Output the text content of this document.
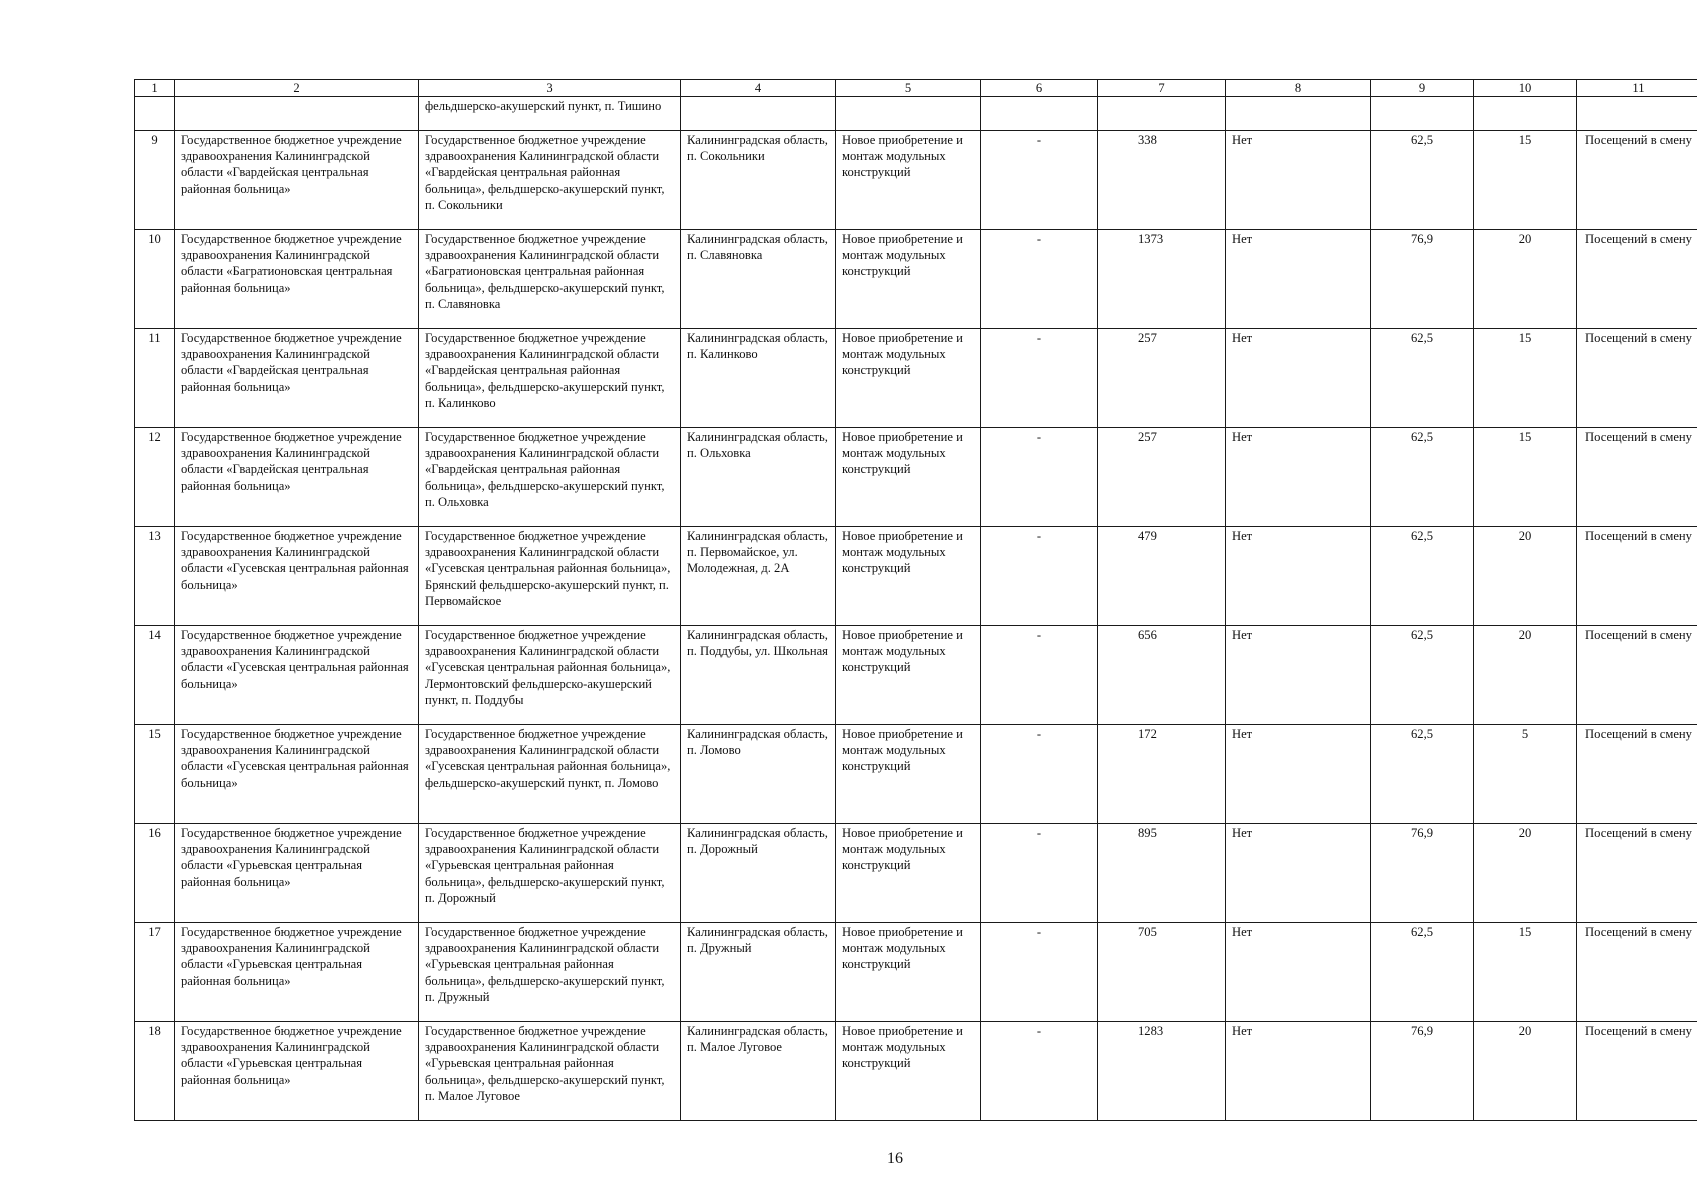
1	2	3	4	5	6	7	8	9	10	11
		фельдшерско-акушерский пункт, п. Тишино								
9	Государственное бюджетное учреждение здравоохранения Калининградской области «Гвардейская центральная районная больница»	Государственное бюджетное учреждение здравоохранения Калининградской области «Гвардейская центральная районная больница», фельдшерско-акушерский пункт, п. Сокольники	Калининградская область, п. Сокольники	Новое приобретение и монтаж модульных конструкций	-	338	Нет	62,5	15	Посещений в смену
10	Государственное бюджетное учреждение здравоохранения Калининградской области «Багратионовская центральная районная больница»	Государственное бюджетное учреждение здравоохранения Калининградской области «Багратионовская центральная районная больница», фельдшерско-акушерский пункт, п. Славяновка	Калининградская область, п. Славяновка	Новое приобретение и монтаж модульных конструкций	-	1373	Нет	76,9	20	Посещений в смену
11	Государственное бюджетное учреждение здравоохранения Калининградской области «Гвардейская центральная районная больница»	Государственное бюджетное учреждение здравоохранения Калининградской области «Гвардейская центральная районная больница», фельдшерско-акушерский пункт, п. Калинково	Калининградская область, п. Калинково	Новое приобретение и монтаж модульных конструкций	-	257	Нет	62,5	15	Посещений в смену
12	Государственное бюджетное учреждение здравоохранения Калининградской области «Гвардейская центральная районная больница»	Государственное бюджетное учреждение здравоохранения Калининградской области «Гвардейская центральная районная больница», фельдшерско-акушерский пункт, п. Ольховка	Калининградская область, п. Ольховка	Новое приобретение и монтаж модульных конструкций	-	257	Нет	62,5	15	Посещений в смену
13	Государственное бюджетное учреждение здравоохранения Калининградской области «Гусевская центральная районная больница»	Государственное бюджетное учреждение здравоохранения Калининградской области «Гусевская центральная районная больница», Брянский фельдшерско-акушерский пункт, п. Первомайское	Калининградская область, п. Первомайское, ул. Молодежная, д. 2А	Новое приобретение и монтаж модульных конструкций	-	479	Нет	62,5	20	Посещений в смену
14	Государственное бюджетное учреждение здравоохранения Калининградской области «Гусевская центральная районная больница»	Государственное бюджетное учреждение здравоохранения Калининградской области «Гусевская центральная районная больница», Лермонтовский фельдшерско-акушерский пункт, п. Поддубы	Калининградская область, п. Поддубы, ул. Школьная	Новое приобретение и монтаж модульных конструкций	-	656	Нет	62,5	20	Посещений в смену
15	Государственное бюджетное учреждение здравоохранения Калининградской области «Гусевская центральная районная больница»	Государственное бюджетное учреждение здравоохранения Калининградской области «Гусевская центральная районная больница», фельдшерско-акушерский пункт, п. Ломово	Калининградская область, п. Ломово	Новое приобретение и монтаж модульных конструкций	-	172	Нет	62,5	5	Посещений в смену
16	Государственное бюджетное учреждение здравоохранения Калининградской области «Гурьевская центральная районная больница»	Государственное бюджетное учреждение здравоохранения Калининградской области «Гурьевская центральная районная больница», фельдшерско-акушерский пункт, п. Дорожный	Калининградская область, п. Дорожный	Новое приобретение и монтаж модульных конструкций	-	895	Нет	76,9	20	Посещений в смену
17	Государственное бюджетное учреждение здравоохранения Калининградской области «Гурьевская центральная районная больница»	Государственное бюджетное учреждение здравоохранения Калининградской области «Гурьевская центральная районная больница», фельдшерско-акушерский пункт, п. Дружный	Калининградская область, п. Дружный	Новое приобретение и монтаж модульных конструкций	-	705	Нет	62,5	15	Посещений в смену
18	Государственное бюджетное учреждение здравоохранения Калининградской области «Гурьевская центральная районная больница»	Государственное бюджетное учреждение здравоохранения Калининградской области «Гурьевская центральная районная больница», фельдшерско-акушерский пункт, п. Малое Луговое	Калининградская область, п. Малое Луговое	Новое приобретение и монтаж модульных конструкций	-	1283	Нет	76,9	20	Посещений в смену
16
